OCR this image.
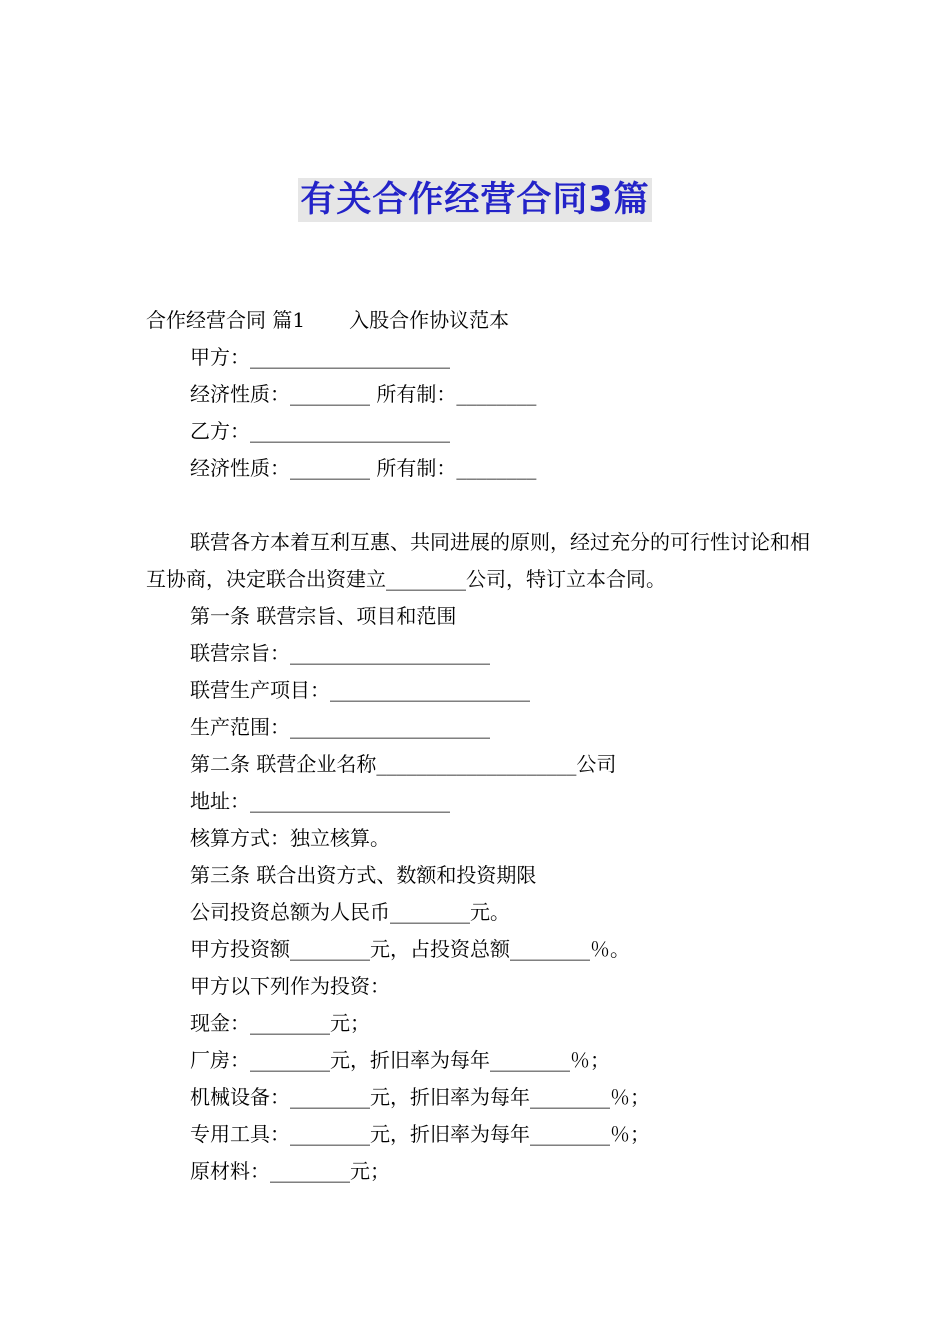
有关合作经营合同3篇
合作经营合同 篇1 入股合作协议范本
甲方：____________________
经济性质：________ 所有制：________
乙方：____________________
经济性质：________ 所有制：________
联营各方本着互利互惠、共同进展的原则，经过充分的可行性讨论和相互协商，决定联合出资建立________公司，特订立本合同。
第一条 联营宗旨、项目和范围
联营宗旨：____________________
联营生产项目：____________________
生产范围：____________________
第二条 联营企业名称____________________公司
地址：____________________
核算方式：独立核算。
第三条 联合出资方式、数额和投资期限
公司投资总额为人民币________元。
甲方投资额________元，占投资总额________％。
甲方以下列作为投资：
现金：________元；
厂房：________元，折旧率为每年________％；
机械设备：________元，折旧率为每年________％；
专用工具：________元，折旧率为每年________％；
原材料：________元；
